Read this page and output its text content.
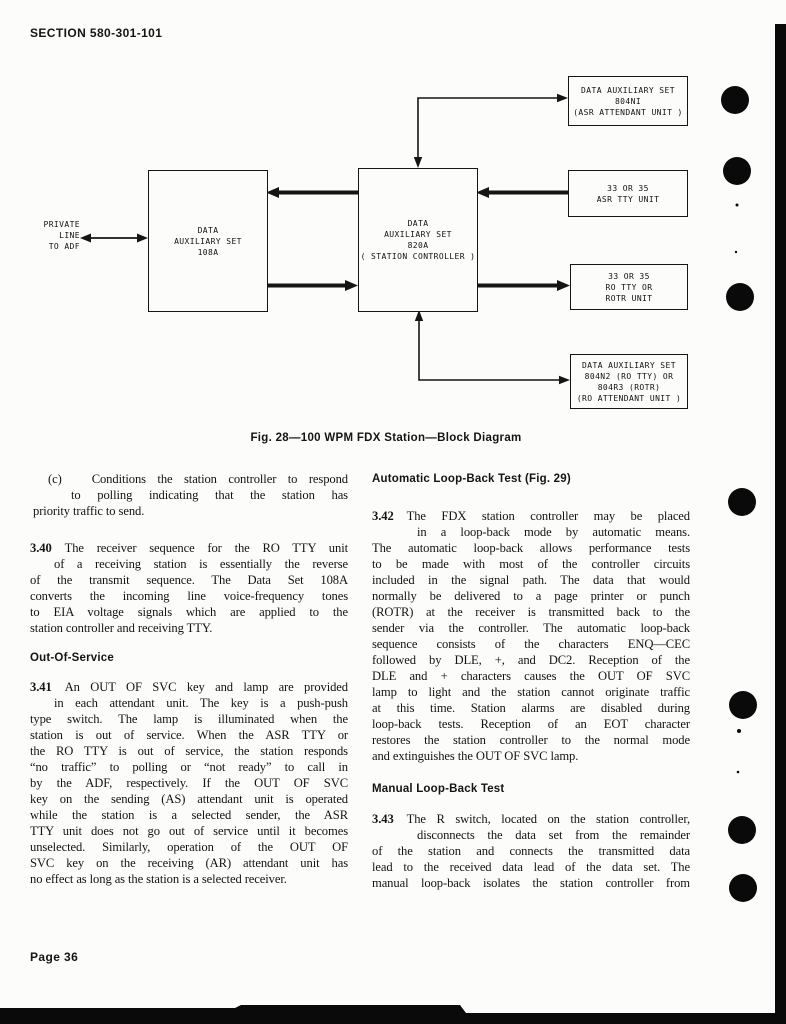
SECTION 580-301-101
PRIVATE
LINE
TO ADF
DATA
AUXILIARY SET
108A
DATA
AUXILIARY SET
820A
( STATION CONTROLLER )
DATA AUXILIARY SET
804NI
(ASR ATTENDANT UNIT )
33 OR 35
ASR TTY UNIT
33 OR 35
RO TTY OR
ROTR UNIT
DATA AUXILIARY SET
804N2 (RO TTY) OR
804R3 (ROTR)
(RO ATTENDANT UNIT )
Fig. 28—100 WPM FDX Station—Block Diagram
(c) Conditions the station controller to respond
to polling indicating that the station has
priority traffic to send.
3.40 The receiver sequence for the RO TTY unit
of a receiving station is essentially the reverse
of the transmit sequence. The Data Set 108A
converts the incoming line voice-frequency tones
to EIA voltage signals which are applied to the
station controller and receiving TTY.
Out-Of-Service
3.41 An OUT OF SVC key and lamp are provided
in each attendant unit. The key is a push-push
type switch. The lamp is illuminated when the
station is out of service. When the ASR TTY or
the RO TTY is out of service, the station responds
“no traffic” to polling or “not ready” to call in
by the ADF, respectively. If the OUT OF SVC
key on the sending (AS) attendant unit is operated
while the station is a selected sender, the ASR
TTY unit does not go out of service until it becomes
unselected. Similarly, operation of the OUT OF
SVC key on the receiving (AR) attendant unit has
no effect as long as the station is a selected receiver.
Automatic Loop-Back Test (Fig. 29)
3.42 The FDX station controller may be placed
in a loop-back mode by automatic means.
The automatic loop-back allows performance tests
to be made with most of the controller circuits
included in the signal path. The data that would
normally be delivered to a page printer or punch
(ROTR) at the receiver is transmitted back to the
sender via the controller. The automatic loop-back
sequence consists of the characters ENQ—CEC
followed by DLE, +, and DC2. Reception of the
DLE and + characters causes the OUT OF SVC
lamp to light and the station cannot originate traffic
at this time. Station alarms are disabled during
loop-back tests. Reception of an EOT character
restores the station controller to the normal mode
and extinguishes the OUT OF SVC lamp.
Manual Loop-Back Test
3.43 The R switch, located on the station controller,
disconnects the data set from the remainder
of the station and connects the transmitted data
lead to the received data lead of the data set. The
manual loop-back isolates the station controller from
Page 36
